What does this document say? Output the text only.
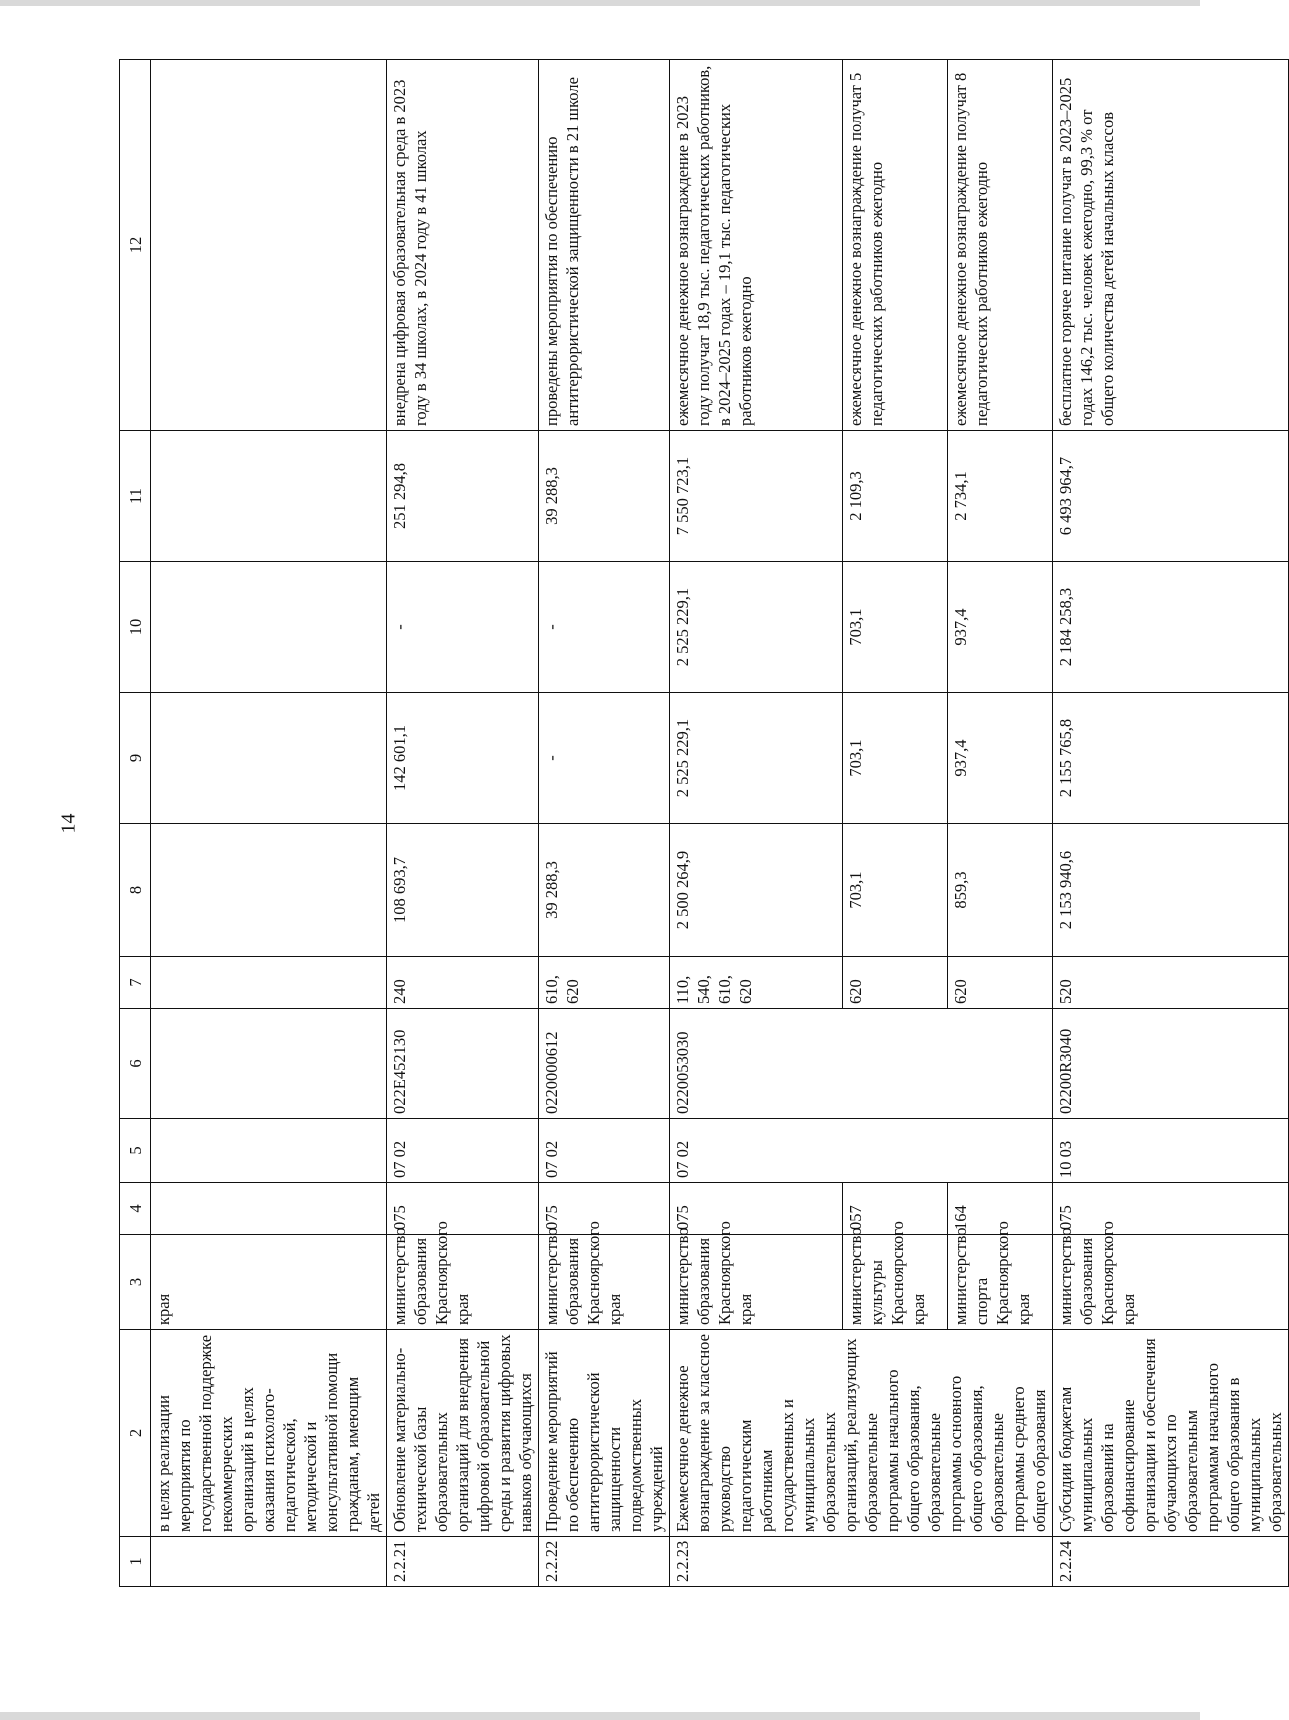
14
1	2	3	4	5	6	7	8	9	10	11	12
	в целях реализации мероприятия по государственной поддержке некоммерческих организаций в целях оказания психолого-педагогической, методической и консультативной помощи гражданам, имеющим детей	края									
2.2.21	Обновление материально-технической базы образовательных организаций для внедрения цифровой образовательной среды и развития цифровых навыков обучающихся	министерство образования Красноярского края	075	07 02	022E452130	240	108 693,7	142 601,1	-	251 294,8	внедрена цифровая образовательная среда в 2023 году в 34 школах, в 2024 году в 41 школах
2.2.22	Проведение мероприятий по обеспечению антитеррористической защищенности подведомственных учреждений	министерство образования Красноярского края	075	07 02	0220000612	610, 620	39 288,3	-	-	39 288,3	проведены мероприятия по обеспечению антитеррористической защищенности в 21 школе
2.2.23	Ежемесячное денежное вознаграждение за классное руководство педагогическим работникам государственных и муниципальных образовательных организаций, реализующих образовательные программы начального общего образования, образовательные программы основного общего образования, образовательные программы среднего общего образования	министерство образования Красноярского края	075	07 02	0220053030	110, 540, 610, 620	2 500 264,9	2 525 229,1	2 525 229,1	7 550 723,1	ежемесячное денежное вознаграждение в 2023 году получат 18,9 тыс. педагогических работников, в 2024–2025 годах – 19,1 тыс. педагогических работников ежегодно
		министерство культуры Красноярского края	057			620	703,1	703,1	703,1	2 109,3	ежемесячное денежное вознаграждение получат 5 педагогических работников ежегодно
		министерство спорта Красноярского края	164			620	859,3	937,4	937,4	2 734,1	ежемесячное денежное вознаграждение получат 8 педагогических работников ежегодно
2.2.24	Субсидии бюджетам муниципальных образований на софинансирование организации и обеспечения обучающихся по образовательным программам начального общего образования в муниципальных образовательных	министерство образования Красноярского края	075	10 03	02200R3040	520	2 153 940,6	2 155 765,8	2 184 258,3	6 493 964,7	бесплатное горячее питание получат в 2023–2025 годах 146,2 тыс. человек ежегодно, 99,3 % от общего количества детей начальных классов
